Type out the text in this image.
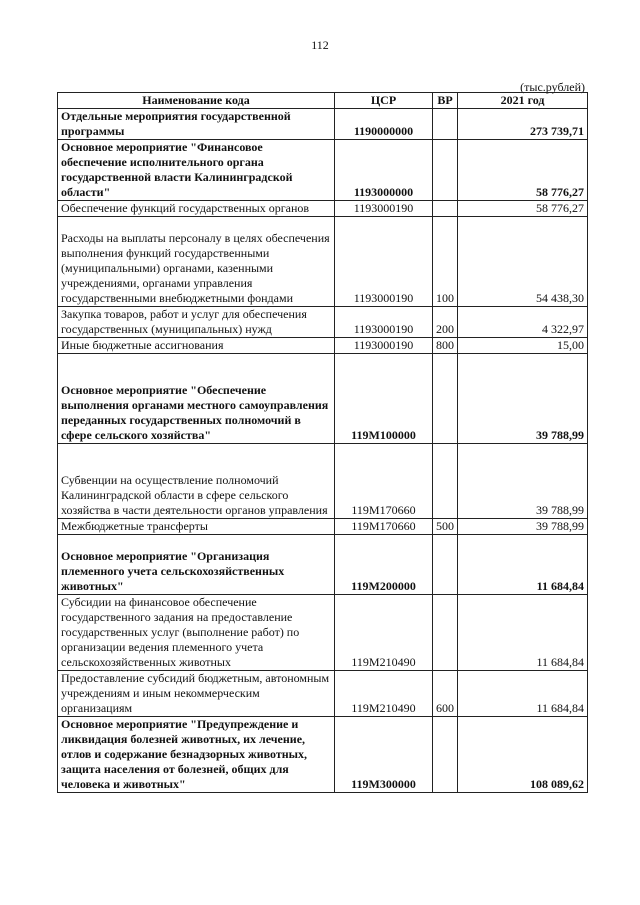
112
(тыс.рублей)
Наименование кода	ЦСР	ВР	2021 год
Отдельные мероприятия государственной программы	1190000000		273 739,71
Основное мероприятие "Финансовое обеспечение исполнительного органа государственной власти Калининградской области"	1193000000		58 776,27
Обеспечение функций государственных органов	1193000190		58 776,27
Расходы на выплаты персоналу в целях обеспечения выполнения функций государственными (муниципальными) органами, казенными учреждениями, органами управления государственными внебюджетными фондами	1193000190	100	54 438,30
Закупка товаров, работ и услуг для обеспечения государственных (муниципальных) нужд	1193000190	200	4 322,97
Иные бюджетные ассигнования	1193000190	800	15,00
Основное мероприятие "Обеспечение выполнения органами местного самоуправления переданных государственных полномочий в сфере сельского хозяйства"	119М100000		39 788,99
Субвенции на осуществление полномочий Калининградской области в сфере сельского хозяйства в части деятельности органов управления	119М170660		39 788,99
Межбюджетные трансферты	119М170660	500	39 788,99
Основное мероприятие "Организация племенного учета сельскохозяйственных животных"	119М200000		11 684,84
Субсидии на финансовое обеспечение государственного задания на предоставление государственных услуг (выполнение работ) по организации ведения племенного учета сельскохозяйственных животных	119М210490		11 684,84
Предоставление субсидий бюджетным, автономным учреждениям и иным некоммерческим организациям	119М210490	600	11 684,84
Основное мероприятие "Предупреждение и ликвидация болезней животных, их лечение, отлов и содержание безнадзорных животных, защита населения от болезней, общих для человека и животных"	119М300000		108 089,62
